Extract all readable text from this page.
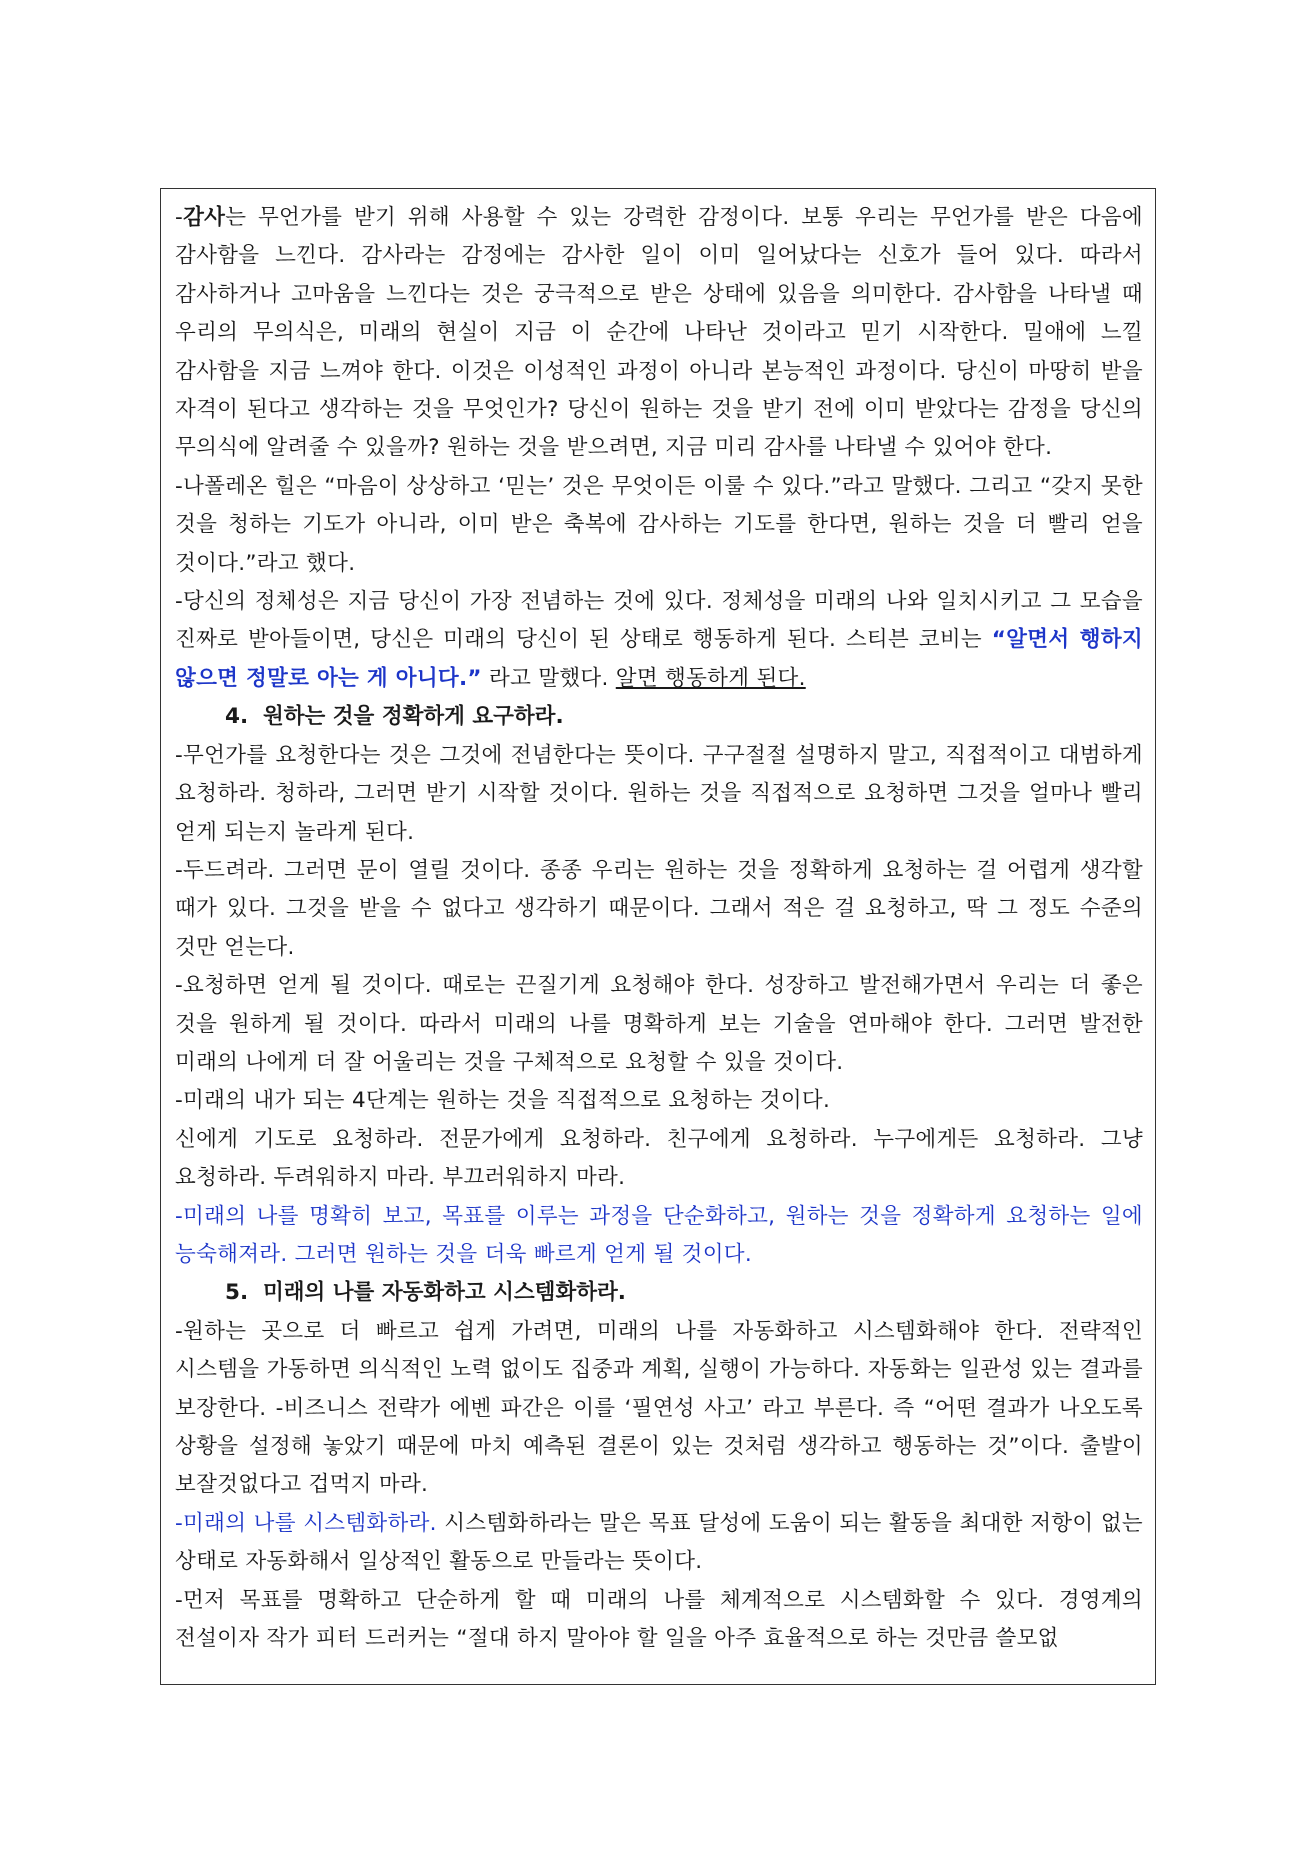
-감사는 무언가를 받기 위해 사용할 수 있는 강력한 감정이다. 보통 우리는 무언가를 받은 다음에 감사함을 느낀다. 감사라는 감정에는 감사한 일이 이미 일어났다는 신호가 들어 있다. 따라서 감사하거나 고마움을 느낀다는 것은 궁극적으로 받은 상태에 있음을 의미한다. 감사함을 나타낼 때 우리의 무의식은, 미래의 현실이 지금 이 순간에 나타난 것이라고 믿기 시작한다. 밀애에 느낄 감사함을 지금 느껴야 한다. 이것은 이성적인 과정이 아니라 본능적인 과정이다. 당신이 마땅히 받을 자격이 된다고 생각하는 것을 무엇인가? 당신이 원하는 것을 받기 전에 이미 받았다는 감정을 당신의 무의식에 알려줄 수 있을까? 원하는 것을 받으려면, 지금 미리 감사를 나타낼 수 있어야 한다.

-나폴레온 힐은 “마음이 상상하고 ‘믿는’ 것은 무엇이든 이룰 수 있다.”라고 말했다. 그리고 “갖지 못한 것을 청하는 기도가 아니라, 이미 받은 축복에 감사하는 기도를 한다면, 원하는 것을 더 빨리 얻을 것이다.”라고 했다.

-당신의 정체성은 지금 당신이 가장 전념하는 것에 있다. 정체성을 미래의 나와 일치시키고 그 모습을 진짜로 받아들이면, 당신은 미래의 당신이 된 상태로 행동하게 된다. 스티븐 코비는 “알면서 행하지 않으면 정말로 아는 게 아니다.” 라고 말했다. 알면 행동하게 된다.

4. 원하는 것을 정확하게 요구하라.

-무언가를 요청한다는 것은 그것에 전념한다는 뜻이다. 구구절절 설명하지 말고, 직접적이고 대범하게 요청하라. 청하라, 그러면 받기 시작할 것이다. 원하는 것을 직접적으로 요청하면 그것을 얼마나 빨리 얻게 되는지 놀라게 된다.

-두드려라. 그러면 문이 열릴 것이다. 종종 우리는 원하는 것을 정확하게 요청하는 걸 어렵게 생각할 때가 있다. 그것을 받을 수 없다고 생각하기 때문이다. 그래서 적은 걸 요청하고, 딱 그 정도 수준의 것만 얻는다.

-요청하면 얻게 될 것이다. 때로는 끈질기게 요청해야 한다. 성장하고 발전해가면서 우리는 더 좋은 것을 원하게 될 것이다. 따라서 미래의 나를 명확하게 보는 기술을 연마해야 한다. 그러면 발전한 미래의 나에게 더 잘 어울리는 것을 구체적으로 요청할 수 있을 것이다.

-미래의 내가 되는 4단계는 원하는 것을 직접적으로 요청하는 것이다.

신에게 기도로 요청하라. 전문가에게 요청하라. 친구에게 요청하라. 누구에게든 요청하라. 그냥 요청하라. 두려워하지 마라. 부끄러워하지 마라.

-미래의 나를 명확히 보고, 목표를 이루는 과정을 단순화하고, 원하는 것을 정확하게 요청하는 일에 능숙해져라. 그러면 원하는 것을 더욱 빠르게 얻게 될 것이다.

5. 미래의 나를 자동화하고 시스템화하라.

-원하는 곳으로 더 빠르고 쉽게 가려면, 미래의 나를 자동화하고 시스템화해야 한다. 전략적인 시스템을 가동하면 의식적인 노력 없이도 집중과 계획, 실행이 가능하다. 자동화는 일관성 있는 결과를 보장한다. -비즈니스 전략가 에벤 파간은 이를 ‘필연성 사고’ 라고 부른다. 즉 “어떤 결과가 나오도록 상황을 설정해 놓았기 때문에 마치 예측된 결론이 있는 것처럼 생각하고 행동하는 것”이다. 출발이 보잘것없다고 겁먹지 마라.

-미래의 나를 시스템화하라. 시스템화하라는 말은 목표 달성에 도움이 되는 활동을 최대한 저항이 없는 상태로 자동화해서 일상적인 활동으로 만들라는 뜻이다.

-먼저 목표를 명확하고 단순하게 할 때 미래의 나를 체계적으로 시스템화할 수 있다. 경영계의 전설이자 작가 피터 드러커는 “절대 하지 말아야 할 일을 아주 효율적으로 하는 것만큼 쓸모없
